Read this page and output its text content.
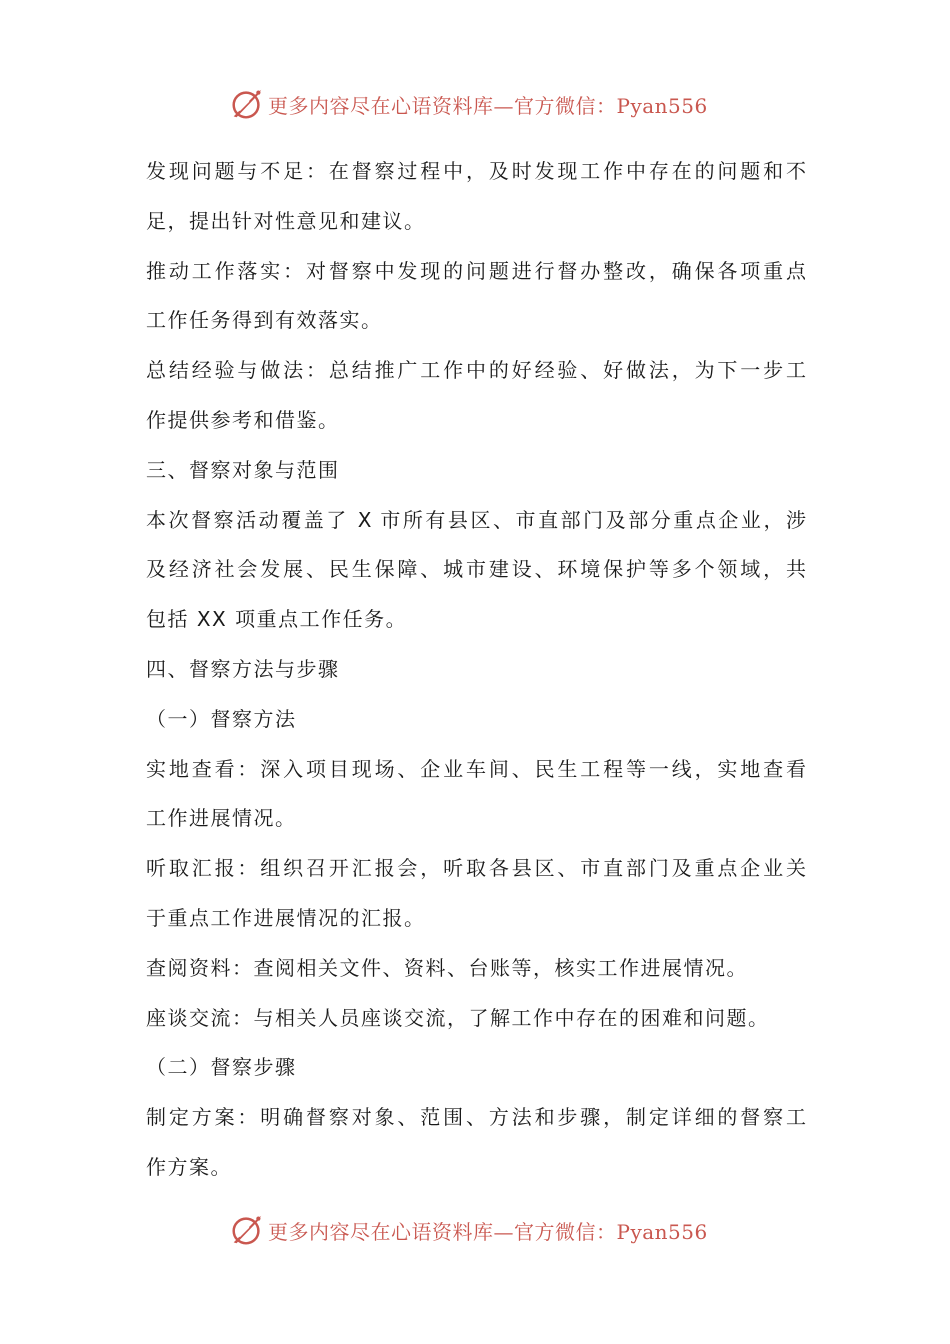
更多内容尽在心语资料库—官方微信：Pyan556
发现问题与不足：在督察过程中，及时发现工作中存在的问题和不
足，提出针对性意见和建议。
推动工作落实：对督察中发现的问题进行督办整改，确保各项重点
工作任务得到有效落实。
总结经验与做法：总结推广工作中的好经验、好做法，为下一步工
作提供参考和借鉴。
三、督察对象与范围
本次督察活动覆盖了 X 市所有县区、市直部门及部分重点企业，涉
及经济社会发展、民生保障、城市建设、环境保护等多个领域，共
包括 XX 项重点工作任务。
四、督察方法与步骤
（一）督察方法
实地查看：深入项目现场、企业车间、民生工程等一线，实地查看
工作进展情况。
听取汇报：组织召开汇报会，听取各县区、市直部门及重点企业关
于重点工作进展情况的汇报。
查阅资料：查阅相关文件、资料、台账等，核实工作进展情况。
座谈交流：与相关人员座谈交流，了解工作中存在的困难和问题。
（二）督察步骤
制定方案：明确督察对象、范围、方法和步骤，制定详细的督察工
作方案。
更多内容尽在心语资料库—官方微信：Pyan556
